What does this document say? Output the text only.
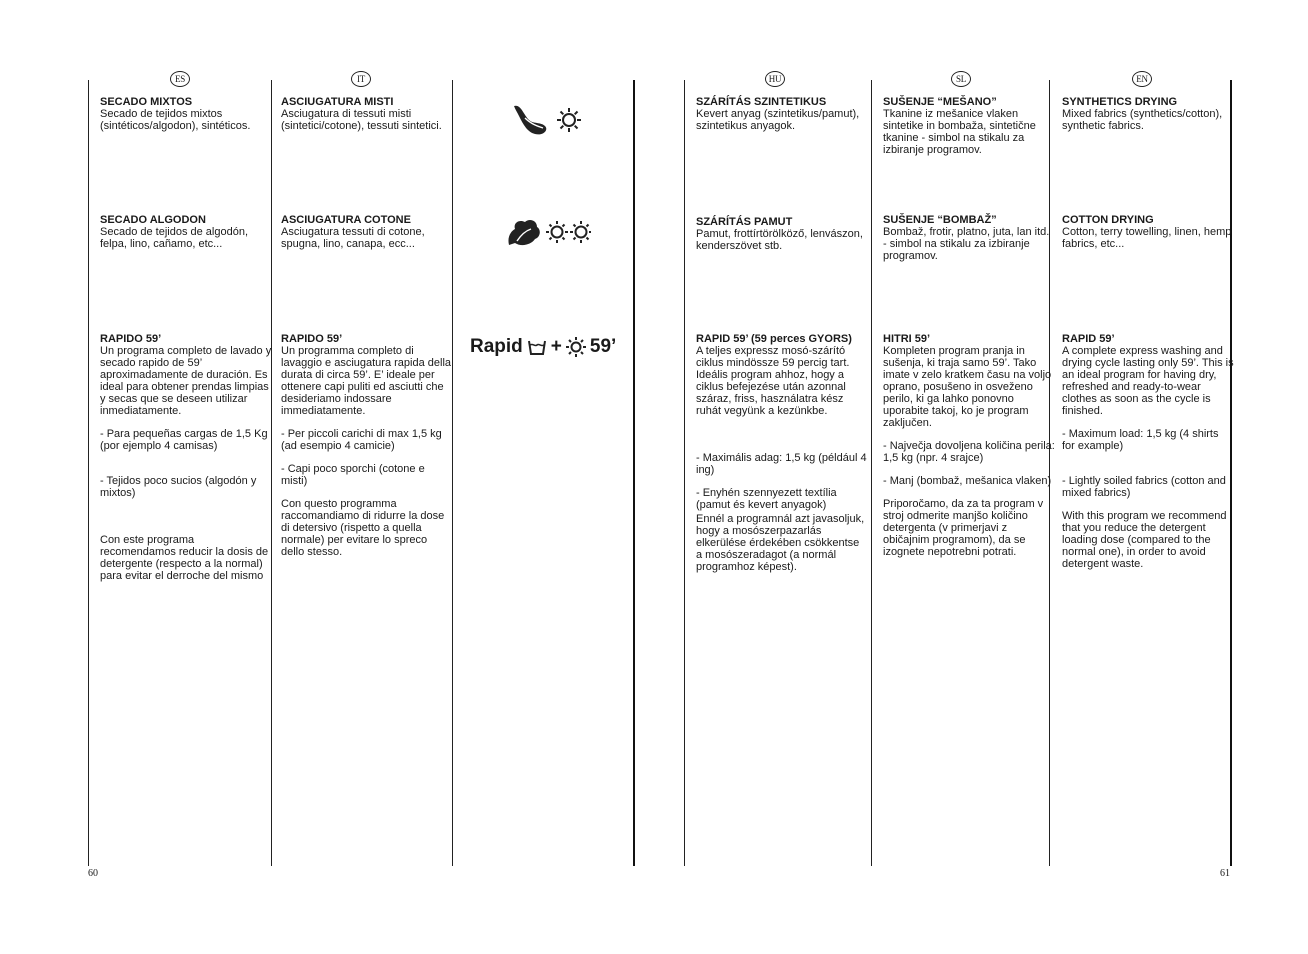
ES	IT	HU	SL	EN
SECADO MIXTOS

Secado de tejidos mixtos (sintéticos/algodon), sintéticos.

SECADO ALGODON

Secado de tejidos de algodón, felpa, lino, cañamo, etc...

RAPIDO 59’

Un programa completo de lavado y secado rapido de 59’ aproximadamente de duración. Es ideal para obtener prendas limpias y secas que se deseen utilizar inmediatamente.

- Para pequeñas cargas de 1,5 Kg (por ejemplo 4 camisas)

- Tejidos poco sucios (algodón y mixtos)

Con este programa recomendamos reducir la dosis de detergente (respecto a la normal) para evitar el derroche del mismo

ASCIUGATURA MISTI

Asciugatura di tessuti misti (sintetici/cotone), tessuti sintetici.

ASCIUGATURA COTONE

Asciugatura tessuti di cotone, spugna, lino, canapa, ecc...

RAPIDO 59’

Un programma completo di lavaggio e asciugatura rapida della durata di circa 59’. E’ ideale per ottenere capi puliti ed asciutti che desideriamo indossare immediatamente.

- Per piccoli carichi di max 1,5 kg (ad esempio 4 camicie)

- Capi poco sporchi (cotone e misti)

Con questo programma raccomandiamo di ridurre la dose di detersivo (rispetto a quella normale) per evitare lo spreco dello stesso.

Rapid + 59’
SZÁRÍTÁS SZINTETIKUS

Kevert anyag (szintetikus/pamut), szintetikus anyagok.

SZÁRÍTÁS PAMUT

Pamut, frottírtörölköző, lenvászon, kenderszövet stb.

RAPID 59’ (59 perces GYORS)

A teljes expressz mosó-szárító ciklus mindössze 59 percig tart. Ideális program ahhoz, hogy a ciklus befejezése után azonnal száraz, friss, használatra kész ruhát vegyünk a kezünkbe.

- Maximális adag: 1,5 kg (például 4 ing)

- Enyhén szennyezett textília (pamut és kevert anyagok)

Ennél a programnál azt javasoljuk, hogy a mosószerpazarlás elkerülése érdekében csökkentse a mosószeradagot (a normál programhoz képest).

SUŠENJE “MEŠANO”

Tkanine iz mešanice vlaken sintetike in bombaža, sintetične tkanine - simbol na stikalu za izbiranje programov.

SUŠENJE “BOMBAŽ”

Bombaž, frotir, platno, juta, lan itd. - simbol na stikalu za izbiranje programov.

HITRI 59’

Kompleten program pranja in sušenja, ki traja samo 59’. Tako imate v zelo kratkem času na voljo oprano, posušeno in osveženo perilo, ki ga lahko ponovno uporabite takoj, ko je program zaključen.

- Največja dovoljena količina perila: 1,5 kg (npr. 4 srajce)

- Manj (bombaž, mešanica vlaken)

Priporočamo, da za ta program v stroj odmerite manjšo količino detergenta (v primerjavi z običajnim programom), da se izognete nepotrebni potrati.

SYNTHETICS DRYING

Mixed fabrics (synthetics/cotton), synthetic fabrics.

COTTON DRYING

Cotton, terry towelling, linen, hemp fabrics, etc...

RAPID 59’

A complete express washing and drying cycle lasting only 59’. This is an ideal program for having dry, refreshed and ready-to-wear clothes as soon as the cycle is finished.

- Maximum load: 1,5 kg (4 shirts for example)

- Lightly soiled fabrics (cotton and mixed fabrics)

With this program we recommend that you reduce the detergent loading dose (compared to the normal one), in order to avoid detergent waste.

60	61
